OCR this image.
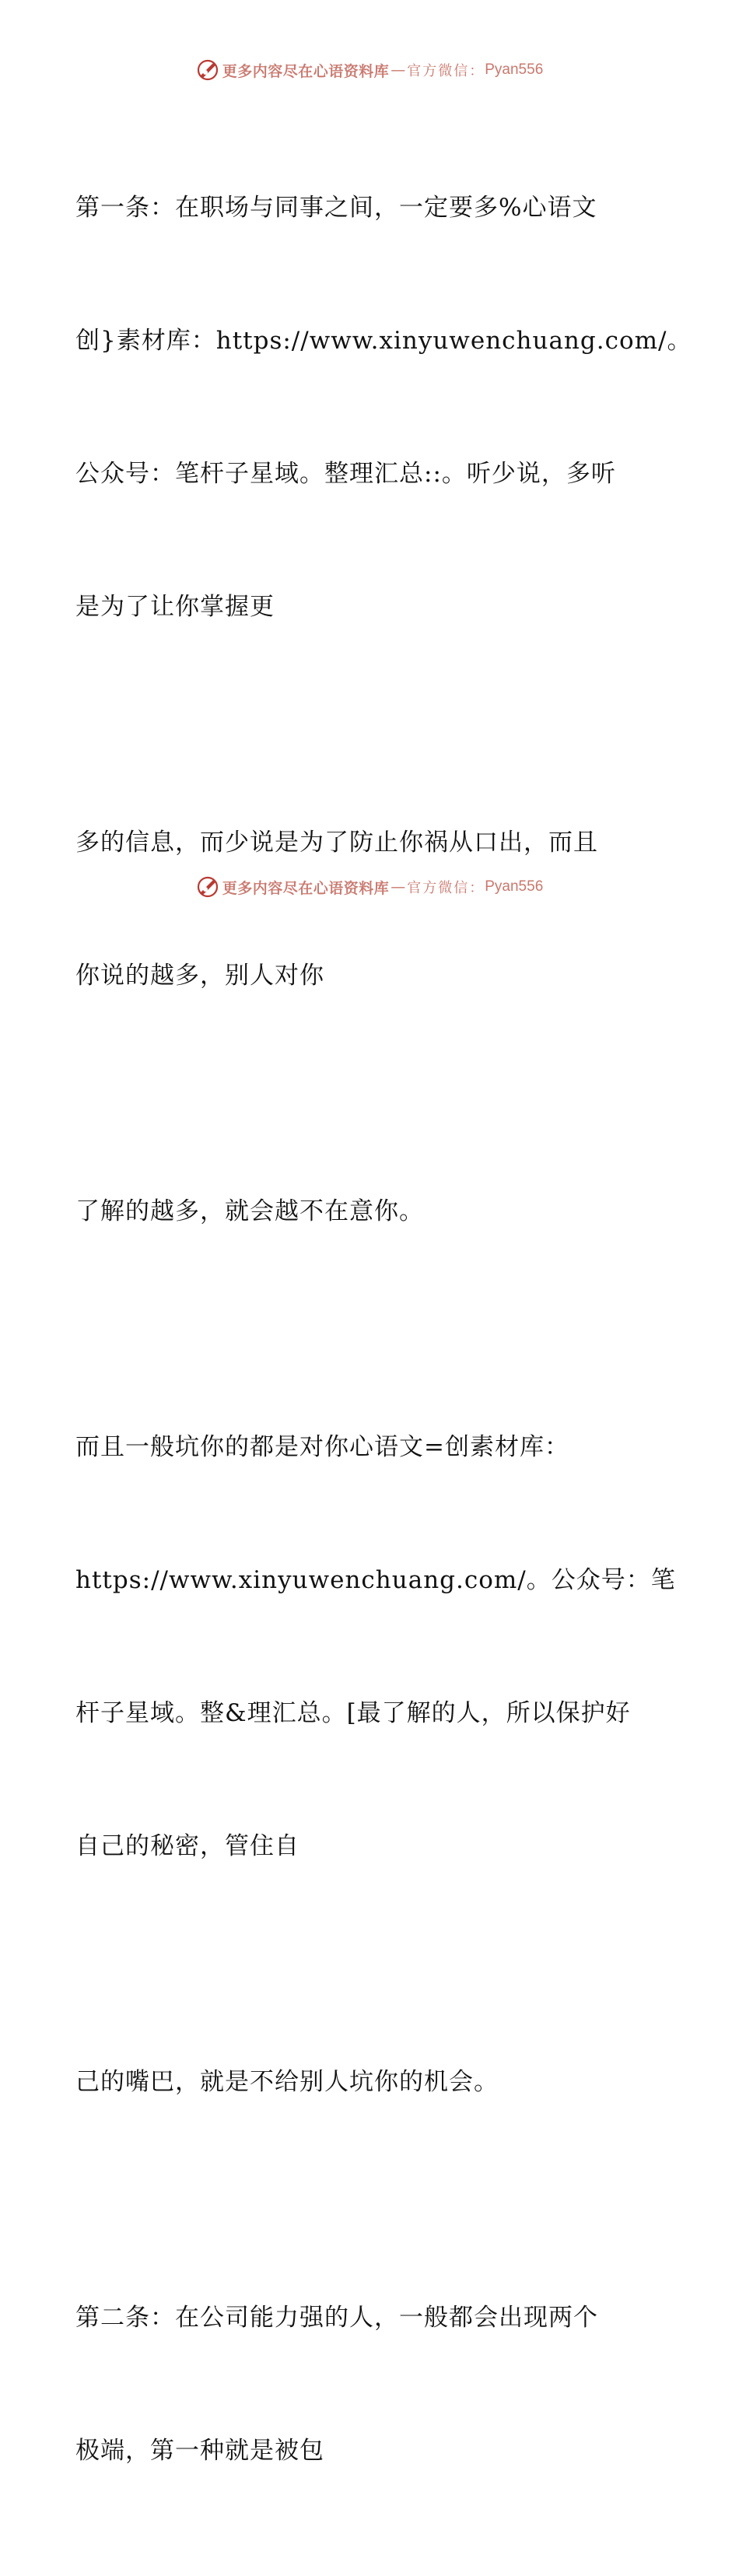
更多内容尽在心语资料库 — 官方微信： Pyan556

第一条：在职场与同事之间，一定要多%心语文

创}素材库：https://www.xinyuwenchuang.com/。

公众号：笔杆子星域。整理汇总::。听少说，多听

是为了让你掌握更

多的信息，而少说是为了防止你祸从口出，而且

你说的越多，别人对你

了解的越多，就会越不在意你。

而且一般坑你的都是对你心语文=创素材库：

https://www.xinyuwenchuang.com/。公众号：笔

杆子星域。整&理汇总。[最了解的人，所以保护好

自己的秘密，管住自

己的嘴巴，就是不给别人坑你的机会。

第二条：在公司能力强的人，一般都会出现两个

极端，第一种就是被包

更多内容尽在心语资料库 — 官方微信： Pyan556
